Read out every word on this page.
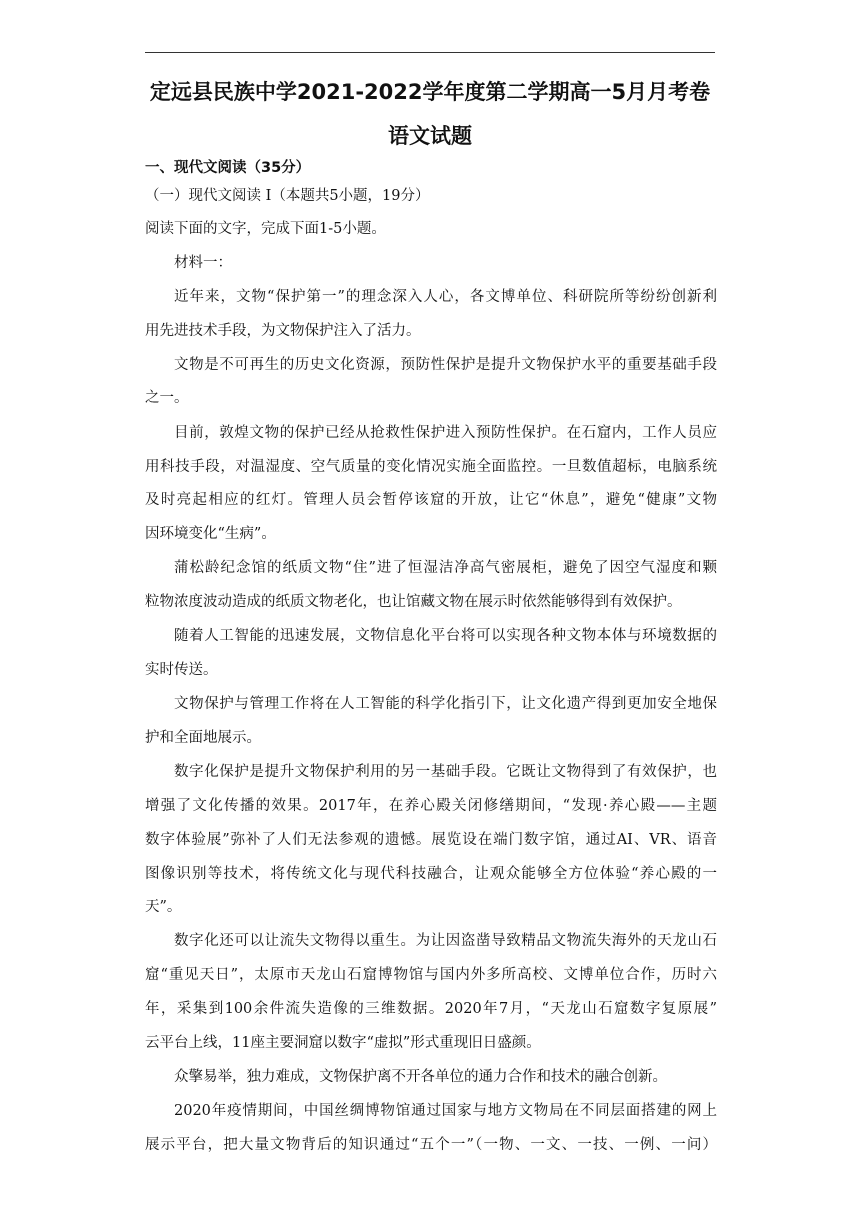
定远县民族中学2021-2022学年度第二学期高一5月月考卷
语文试题
一、现代文阅读（35分）
（一）现代文阅读 I（本题共5小题，19分）
阅读下面的文字，完成下面1-5小题。
材料一：
近年来，文物“保护第一”的理念深入人心，各文博单位、科研院所等纷纷创新利
用先进技术手段，为文物保护注入了活力。
文物是不可再生的历史文化资源，预防性保护是提升文物保护水平的重要基础手段
之一。
目前，敦煌文物的保护已经从抢救性保护进入预防性保护。在石窟内，工作人员应
用科技手段，对温湿度、空气质量的变化情况实施全面监控。一旦数值超标，电脑系统
及时亮起相应的红灯。管理人员会暂停该窟的开放，让它“休息”，避免“健康”文物
因环境变化“生病”。
蒲松龄纪念馆的纸质文物“住”进了恒湿洁净高气密展柜，避免了因空气湿度和颗
粒物浓度波动造成的纸质文物老化，也让馆藏文物在展示时依然能够得到有效保护。
随着人工智能的迅速发展，文物信息化平台将可以实现各种文物本体与环境数据的
实时传送。
文物保护与管理工作将在人工智能的科学化指引下，让文化遗产得到更加安全地保
护和全面地展示。
数字化保护是提升文物保护利用的另一基础手段。它既让文物得到了有效保护，也
增强了文化传播的效果。2017年，在养心殿关闭修缮期间，“发现·养心殿——主题
数字体验展”弥补了人们无法参观的遗憾。展览设在端门数字馆，通过AI、VR、语音
图像识别等技术，将传统文化与现代科技融合，让观众能够全方位体验“养心殿的一
天”。
数字化还可以让流失文物得以重生。为让因盗凿导致精品文物流失海外的天龙山石
窟“重见天日”，太原市天龙山石窟博物馆与国内外多所高校、文博单位合作，历时六
年，采集到100余件流失造像的三维数据。2020年7月，“天龙山石窟数字复原展”
云平台上线，11座主要洞窟以数字“虚拟”形式重现旧日盛颜。
众擎易举，独力难成，文物保护离不开各单位的通力合作和技术的融合创新。
2020年疫情期间，中国丝绸博物馆通过国家与地方文物局在不同层面搭建的网上
展示平台，把大量文物背后的知识通过“五个一”（一物、一文、一技、一例、一问）
